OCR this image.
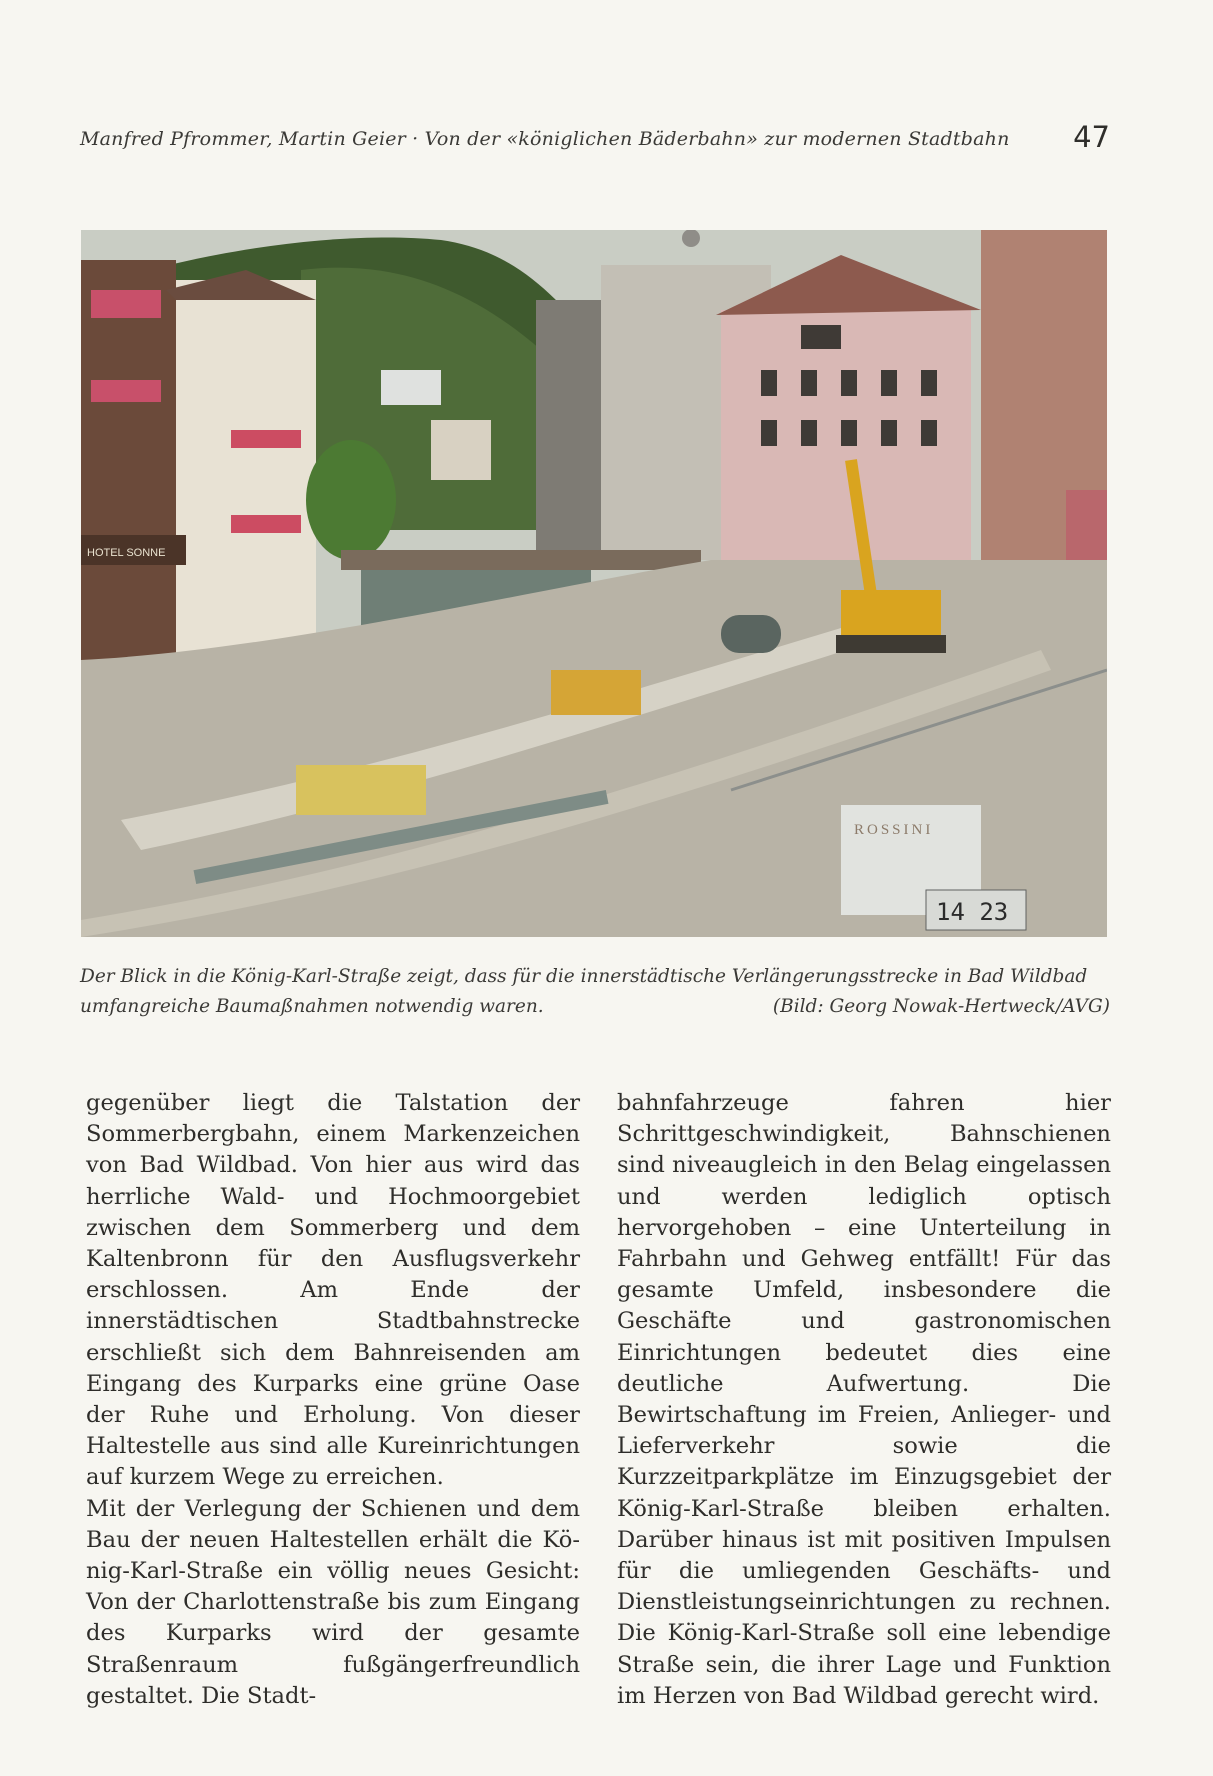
Manfred Pfrommer, Martin Geier · Von der «königlichen Bäderbahn» zur modernen Stadtbahn	47
HOTEL SONNE
ROSSINI
14 23
Der Blick in die König-Karl-Straße zeigt, dass für die innerstädtische Verlängerungsstrecke in Bad Wildbad umfangreiche Baumaßnahmen notwendig waren.	(Bild: Georg Nowak-Hertweck/AVG)

gegenüber liegt die Talstation der Sommerbergbahn, einem Markenzeichen von Bad Wildbad. Von hier aus wird das herrliche Wald- und Hochmoorgebiet zwischen dem Sommerberg und dem Kaltenbronn für den Ausflugsverkehr erschlossen. Am Ende der innerstädtischen Stadtbahnstrecke erschließt sich dem Bahnreisenden am Eingang des Kurparks eine grüne Oase der Ruhe und Erholung. Von dieser Haltestelle aus sind alle Kureinrichtungen auf kurzem Wege zu erreichen.

Mit der Verlegung der Schienen und dem Bau der neuen Haltestellen erhält die König-Karl-Straße ein völlig neues Gesicht: Von der Charlottenstraße bis zum Eingang des Kurparks wird der gesamte Straßenraum fußgängerfreundlich gestaltet. Die Stadt-

bahnfahrzeuge fahren hier Schrittgeschwindigkeit, Bahnschienen sind niveaugleich in den Belag eingelassen und werden lediglich optisch hervorgehoben – eine Unterteilung in Fahrbahn und Gehweg entfällt! Für das gesamte Umfeld, insbesondere die Geschäfte und gastronomischen Einrichtungen bedeutet dies eine deutliche Aufwertung. Die Bewirtschaftung im Freien, Anlieger- und Lieferverkehr sowie die Kurzzeitparkplätze im Einzugsgebiet der König-Karl-Straße bleiben erhalten. Darüber hinaus ist mit positiven Impulsen für die umliegenden Geschäfts- und Dienstleistungseinrichtungen zu rechnen. Die König-Karl-Straße soll eine lebendige Straße sein, die ihrer Lage und Funktion im Herzen von Bad Wildbad gerecht wird.
